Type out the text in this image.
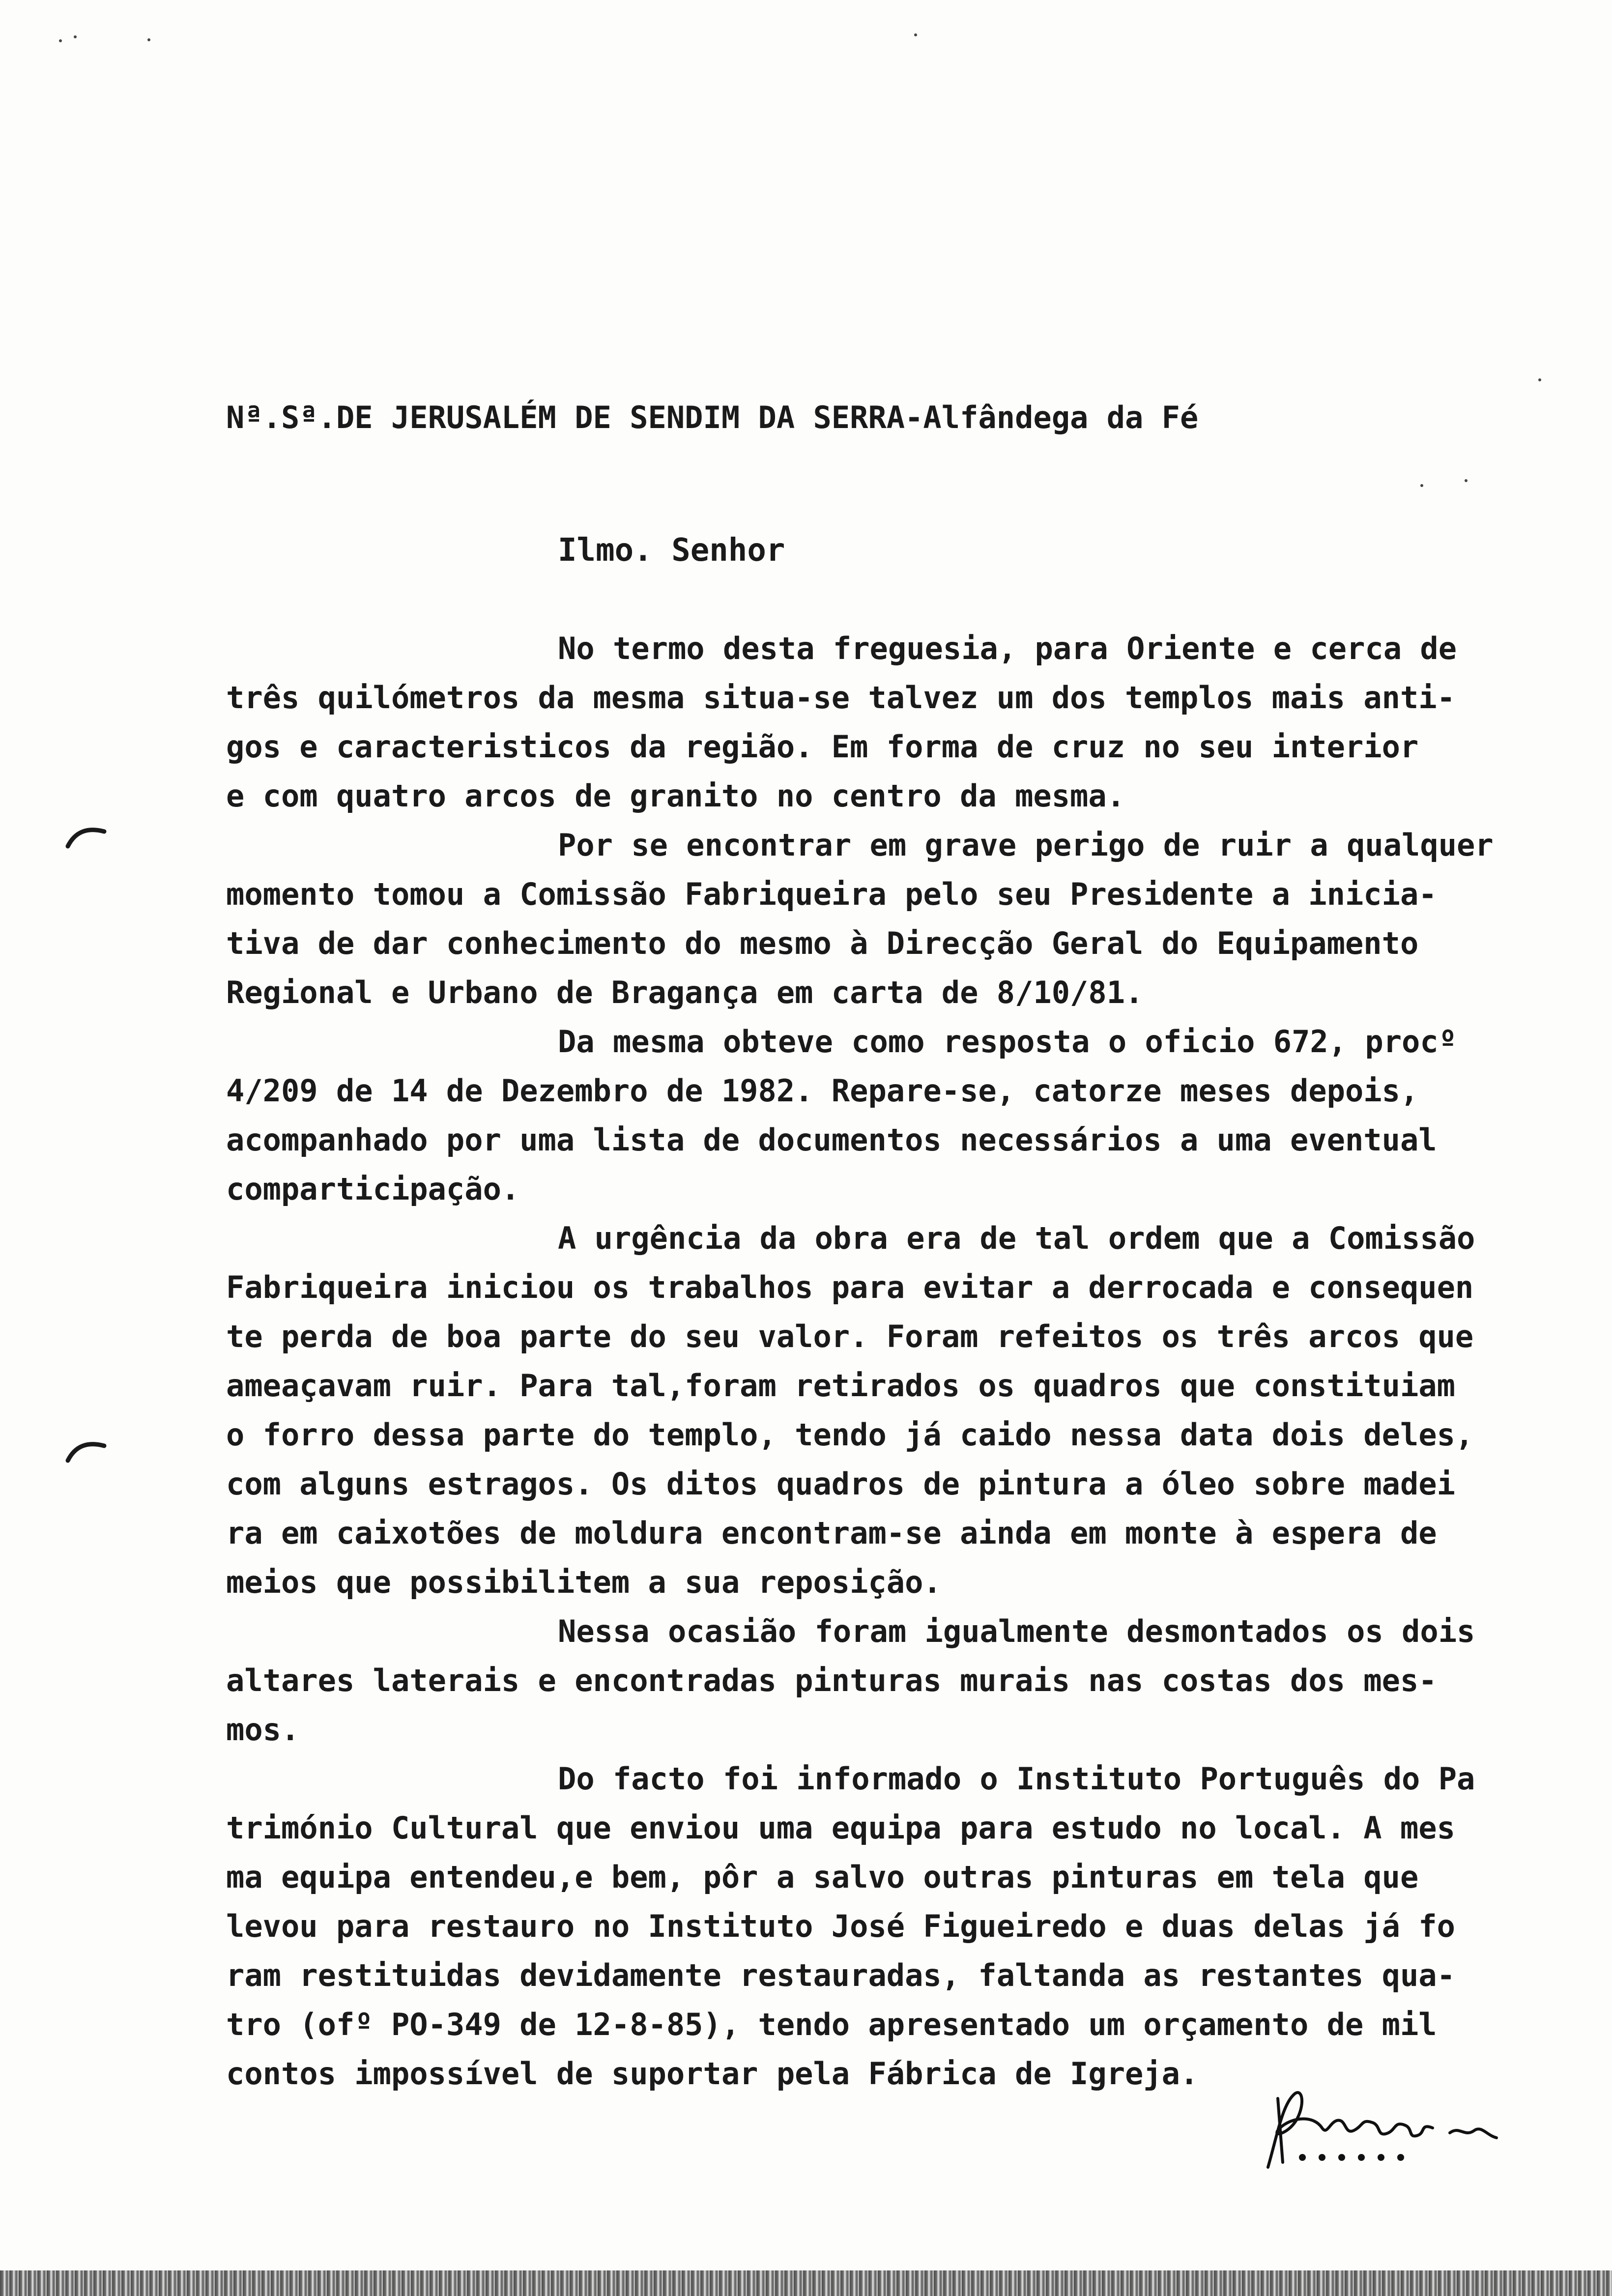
Nª.Sª.DE JERUSALÉM DE SENDIM DA SERRA-Alfândega da Fé
Ilmo. Senhor
No termo desta freguesia, para Oriente e cerca de
três quilómetros da mesma situa-se talvez um dos templos mais anti-
gos e caracteristicos da região. Em forma de cruz no seu interior
e com quatro arcos de granito no centro da mesma.
Por se encontrar em grave perigo de ruir a qualquer
momento tomou a Comissão Fabriqueira pelo seu Presidente a inicia-
tiva de dar conhecimento do mesmo à Direcção Geral do Equipamento
Regional e Urbano de Bragança em carta de 8/10/81.
Da mesma obteve como resposta o oficio 672, procº
4/209 de 14 de Dezembro de 1982. Repare-se, catorze meses depois,
acompanhado por uma lista de documentos necessários a uma eventual
comparticipação.
A urgência da obra era de tal ordem que a Comissão
Fabriqueira iniciou os trabalhos para evitar a derrocada e consequen
te perda de boa parte do seu valor. Foram refeitos os três arcos que
ameaçavam ruir. Para tal,foram retirados os quadros que constituiam
o forro dessa parte do templo, tendo já caido nessa data dois deles,
com alguns estragos. Os ditos quadros de pintura a óleo sobre madei
ra em caixotões de moldura encontram-se ainda em monte à espera de
meios que possibilitem a sua reposição.
Nessa ocasião foram igualmente desmontados os dois
altares laterais e encontradas pinturas murais nas costas dos mes-
mos.
Do facto foi informado o Instituto Português do Pa
trimónio Cultural que enviou uma equipa para estudo no local. A mes
ma equipa entendeu,e bem, pôr a salvo outras pinturas em tela que
levou para restauro no Instituto José Figueiredo e duas delas já fo
ram restituidas devidamente restauradas, faltanda as restantes qua-
tro (ofº PO-349 de 12-8-85), tendo apresentado um orçamento de mil
contos impossível de suportar pela Fábrica de Igreja.
